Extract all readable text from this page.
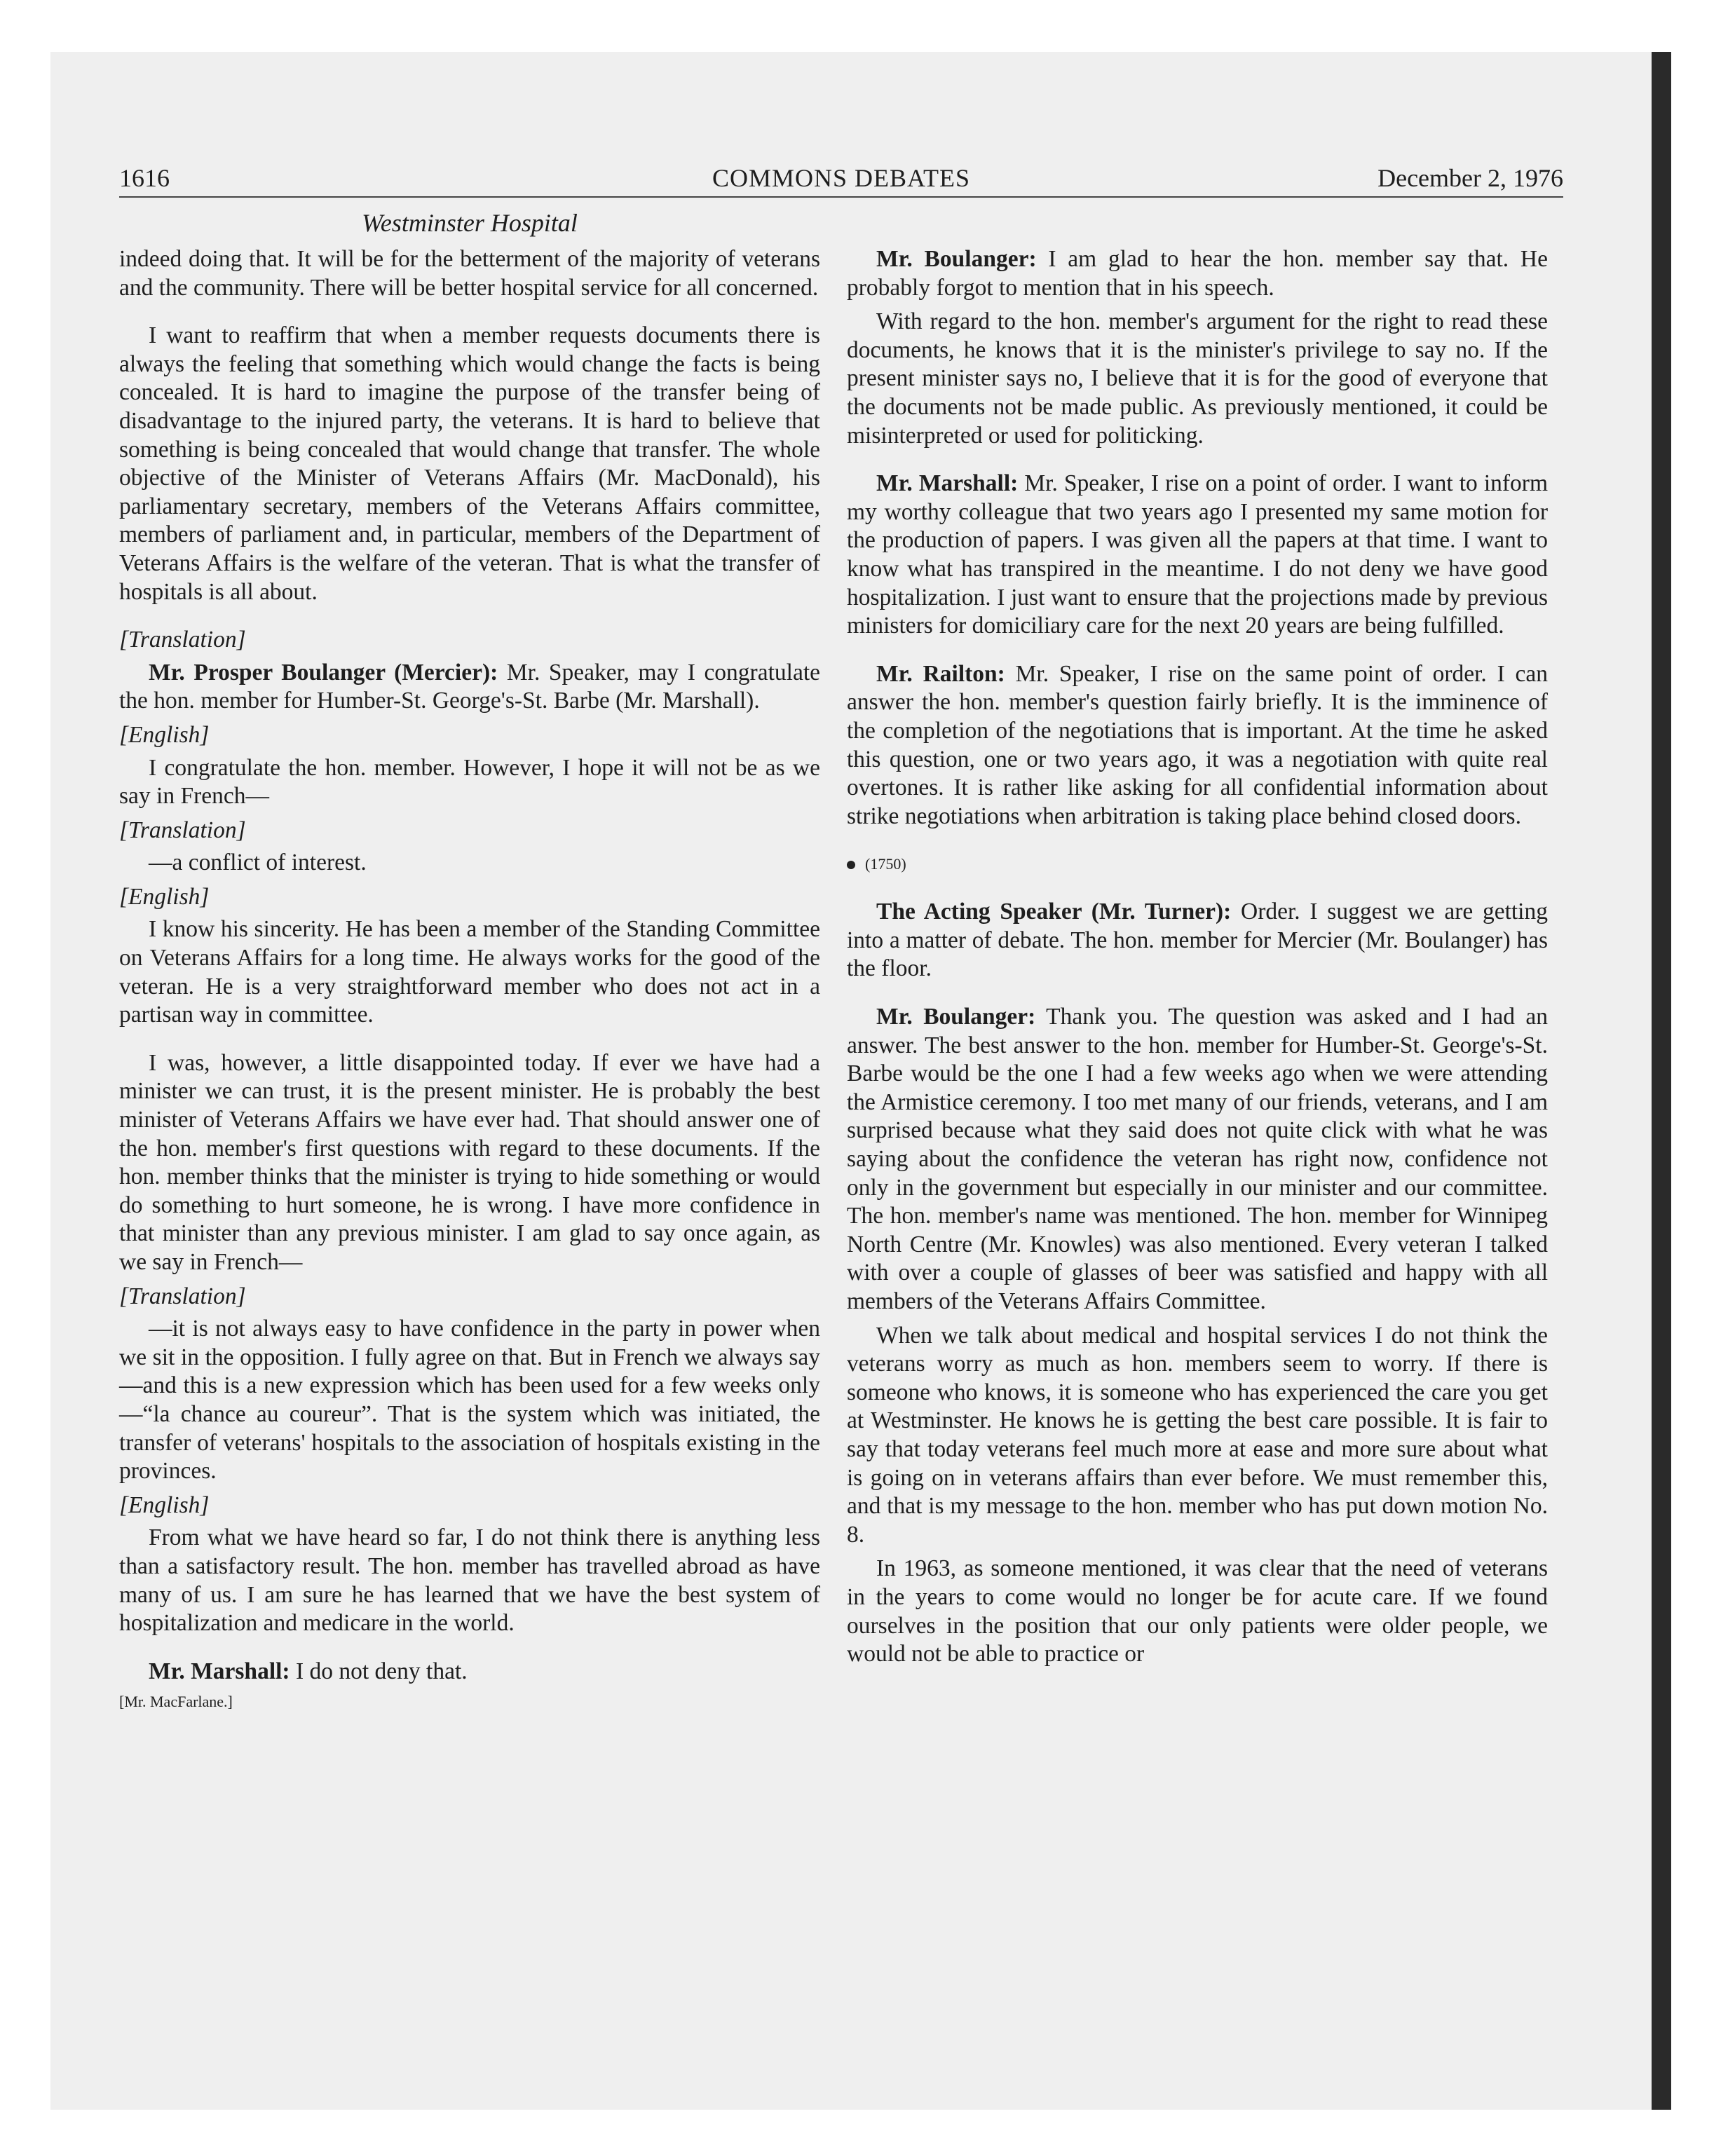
1616	COMMONS DEBATES	December 2, 1976
Westminster Hospital

indeed doing that. It will be for the betterment of the majority of veterans and the community. There will be better hospital service for all concerned.

I want to reaffirm that when a member requests documents there is always the feeling that something which would change the facts is being concealed. It is hard to imagine the purpose of the transfer being of disadvantage to the injured party, the veterans. It is hard to believe that something is being concealed that would change that transfer. The whole objective of the Minister of Veterans Affairs (Mr. MacDonald), his parliamentary secretary, members of the Veterans Affairs committee, members of parliament and, in particular, members of the Department of Veterans Affairs is the welfare of the veteran. That is what the transfer of hospitals is all about.

[Translation]

Mr. Prosper Boulanger (Mercier): Mr. Speaker, may I congratulate the hon. member for Humber-St. George's-St. Barbe (Mr. Marshall).

[English]

I congratulate the hon. member. However, I hope it will not be as we say in French—

[Translation]

—a conflict of interest.

[English]

I know his sincerity. He has been a member of the Standing Committee on Veterans Affairs for a long time. He always works for the good of the veteran. He is a very straightforward member who does not act in a partisan way in committee.

I was, however, a little disappointed today. If ever we have had a minister we can trust, it is the present minister. He is probably the best minister of Veterans Affairs we have ever had. That should answer one of the hon. member's first questions with regard to these documents. If the hon. member thinks that the minister is trying to hide something or would do something to hurt someone, he is wrong. I have more confidence in that minister than any previous minister. I am glad to say once again, as we say in French—

[Translation]

—it is not always easy to have confidence in the party in power when we sit in the opposition. I fully agree on that. But in French we always say—and this is a new expression which has been used for a few weeks only—“la chance au coureur”. That is the system which was initiated, the transfer of veterans' hospitals to the association of hospitals existing in the provinces.

[English]

From what we have heard so far, I do not think there is anything less than a satisfactory result. The hon. member has travelled abroad as have many of us. I am sure he has learned that we have the best system of hospitalization and medicare in the world.

Mr. Marshall: I do not deny that.

[Mr. MacFarlane.]

Mr. Boulanger: I am glad to hear the hon. member say that. He probably forgot to mention that in his speech.

With regard to the hon. member's argument for the right to read these documents, he knows that it is the minister's privilege to say no. If the present minister says no, I believe that it is for the good of everyone that the documents not be made public. As previously mentioned, it could be misinterpreted or used for politicking.

Mr. Marshall: Mr. Speaker, I rise on a point of order. I want to inform my worthy colleague that two years ago I presented my same motion for the production of papers. I was given all the papers at that time. I want to know what has transpired in the meantime. I do not deny we have good hospitalization. I just want to ensure that the projections made by previous ministers for domiciliary care for the next 20 years are being fulfilled.

Mr. Railton: Mr. Speaker, I rise on the same point of order. I can answer the hon. member's question fairly briefly. It is the imminence of the completion of the negotiations that is important. At the time he asked this question, one or two years ago, it was a negotiation with quite real overtones. It is rather like asking for all confidential information about strike negotiations when arbitration is taking place behind closed doors.

(1750)

The Acting Speaker (Mr. Turner): Order. I suggest we are getting into a matter of debate. The hon. member for Mercier (Mr. Boulanger) has the floor.

Mr. Boulanger: Thank you. The question was asked and I had an answer. The best answer to the hon. member for Humber-St. George's-St. Barbe would be the one I had a few weeks ago when we were attending the Armistice ceremony. I too met many of our friends, veterans, and I am surprised because what they said does not quite click with what he was saying about the confidence the veteran has right now, confidence not only in the government but especially in our minister and our committee. The hon. member's name was mentioned. The hon. member for Winnipeg North Centre (Mr. Knowles) was also mentioned. Every veteran I talked with over a couple of glasses of beer was satisfied and happy with all members of the Veterans Affairs Committee.

When we talk about medical and hospital services I do not think the veterans worry as much as hon. members seem to worry. If there is someone who knows, it is someone who has experienced the care you get at Westminster. He knows he is getting the best care possible. It is fair to say that today veterans feel much more at ease and more sure about what is going on in veterans affairs than ever before. We must remember this, and that is my message to the hon. member who has put down motion No. 8.

In 1963, as someone mentioned, it was clear that the need of veterans in the years to come would no longer be for acute care. If we found ourselves in the position that our only patients were older people, we would not be able to practice or
